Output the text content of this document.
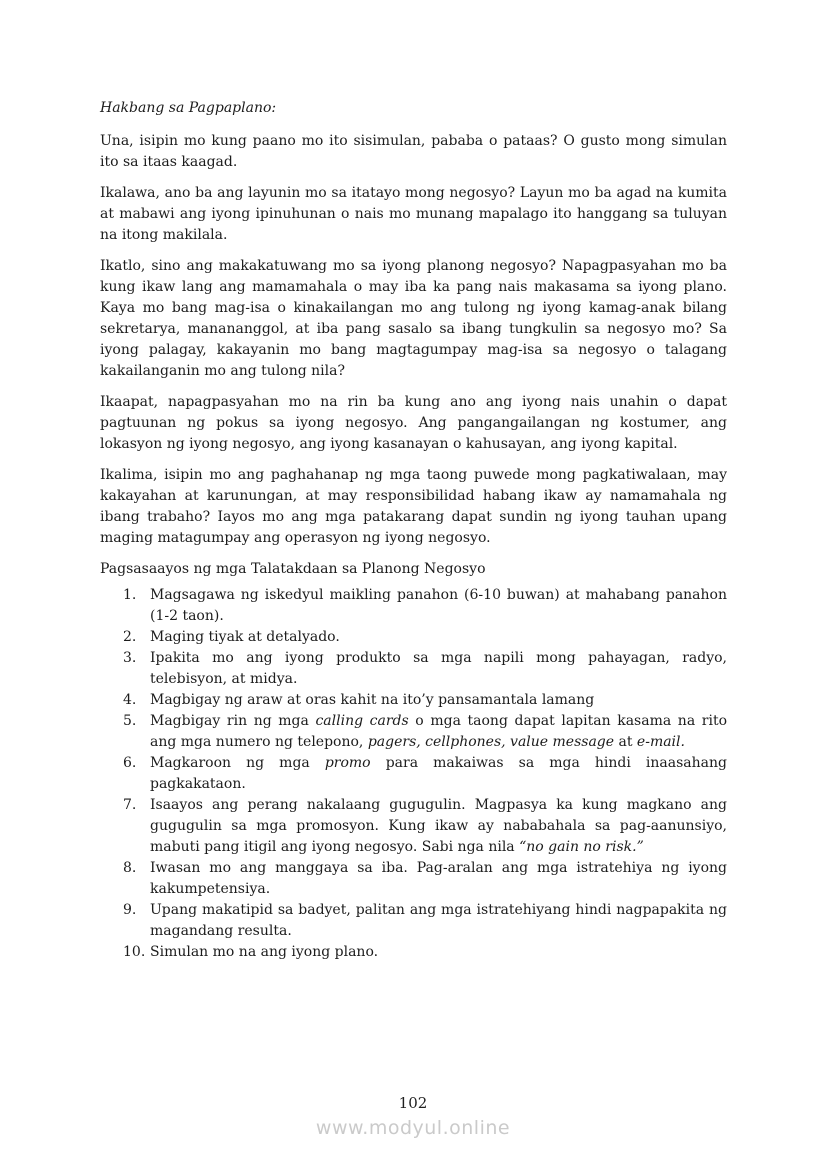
Hakbang sa Pagpaplano:

Una, isipin mo kung paano mo ito sisimulan, pababa o pataas? O gusto mong simulan ito sa itaas kaagad.

Ikalawa, ano ba ang layunin mo sa itatayo mong negosyo? Layun mo ba agad na kumita at mabawi ang iyong ipinuhunan o nais mo munang mapalago ito hanggang sa tuluyan na itong makilala.

Ikatlo, sino ang makakatuwang mo sa iyong planong negosyo? Napagpasyahan mo ba kung ikaw lang ang mamamahala o may iba ka pang nais makasama sa iyong plano. Kaya mo bang mag-isa o kinakailangan mo ang tulong ng iyong kamag-anak bilang sekretarya, manananggol, at iba pang sasalo sa ibang tungkulin sa negosyo mo? Sa iyong palagay, kakayanin mo bang magtagumpay mag-isa sa negosyo o talagang kakailanganin mo ang tulong nila?

Ikaapat, napagpasyahan mo na rin ba kung ano ang iyong nais unahin o dapat pagtuunan ng pokus sa iyong negosyo. Ang pangangailangan ng kostumer, ang lokasyon ng iyong negosyo, ang iyong kasanayan o kahusayan, ang iyong kapital.

Ikalima, isipin mo ang paghahanap ng mga taong puwede mong pagkatiwalaan, may kakayahan at karunungan, at may responsibilidad habang ikaw ay namamahala ng ibang trabaho? Iayos mo ang mga patakarang dapat sundin ng iyong tauhan upang maging matagumpay ang operasyon ng iyong negosyo.

Pagsasaayos ng mga Talatakdaan sa Planong Negosyo

1. Magsagawa ng iskedyul maikling panahon (6-10 buwan) at mahabang panahon (1-2 taon).
2. Maging tiyak at detalyado.
3. Ipakita mo ang iyong produkto sa mga napili mong pahayagan, radyo, telebisyon, at midya.
4. Magbigay ng araw at oras kahit na ito’y pansamantala lamang
5. Magbigay rin ng mga calling cards o mga taong dapat lapitan kasama na rito ang mga numero ng telepono, pagers, cellphones, value message at e-mail.
6. Magkaroon ng mga promo para makaiwas sa mga hindi inaasahang pagkakataon.
7. Isaayos ang perang nakalaang gugugulin. Magpasya ka kung magkano ang gugugulin sa mga promosyon. Kung ikaw ay nababahala sa pag-aanunsiyo, mabuti pang itigil ang iyong negosyo. Sabi nga nila “no gain no risk.”
8. Iwasan mo ang manggaya sa iba. Pag-aralan ang mga istratehiya ng iyong kakumpetensiya.
9. Upang makatipid sa badyet, palitan ang mga istratehiyang hindi nagpapakita ng magandang resulta.
10. Simulan mo na ang iyong plano.
102
www.modyul.online
